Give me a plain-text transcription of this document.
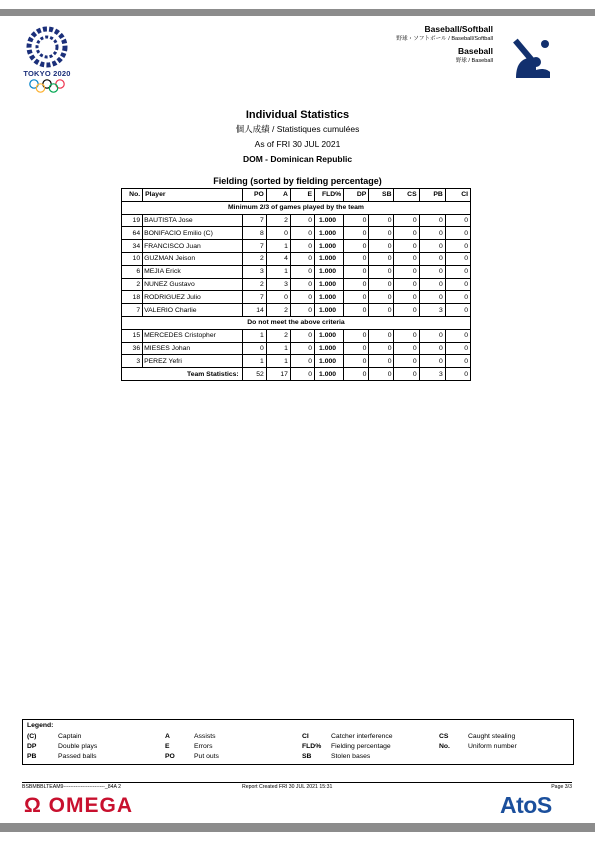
TOKYO 2020
Baseball/Softball
野球・ソフトボール / Baseball/Softball
Baseball
野球 / Baseball
Individual Statistics
個人成績 / Statistiques cumulées
As of FRI 30 JUL 2021
DOM - Dominican Republic
Fielding (sorted by fielding percentage)
No.	Player	PO	A	E	FLD%	DP	SB	CS	PB	CI
Minimum 2/3 of games played by the team										
19	BAUTISTA Jose	7	2	0	1.000	0	0	0	0	0
64	BONIFACIO Emilio (C)	8	0	0	1.000	0	0	0	0	0
34	FRANCISCO Juan	7	1	0	1.000	0	0	0	0	0
10	GUZMAN Jeison	2	4	0	1.000	0	0	0	0	0
6	MEJIA Erick	3	1	0	1.000	0	0	0	0	0
2	NUNEZ Gustavo	2	3	0	1.000	0	0	0	0	0
18	RODRIGUEZ Julio	7	0	0	1.000	0	0	0	0	0
7	VALERIO Charlie	14	2	0	1.000	0	0	0	3	0
Do not meet the above criteria										
15	MERCEDES Cristopher	1	2	0	1.000	0	0	0	0	0
36	MIESES Johan	0	1	0	1.000	0	0	0	0	0
3	PEREZ Yefri	1	1	0	1.000	0	0	0	0	0
Team Statistics:		52	17	0	1.000	0	0	0	3	0
Legend:
(C)	Captain
DP	Double plays
PB	Passed balls
A	Assists
E	Errors
PO	Put outs
CI	Catcher interference
FLD% Fielding percentage
SB	Stolen bases
CS	Caught stealing
No.	Uniform number
BSBMBBLTEAM9------------------------_84A 2	Report Created FRI 30 JUL 2021 15:31	Page 3/3
Ω OMEGA	AtoS
